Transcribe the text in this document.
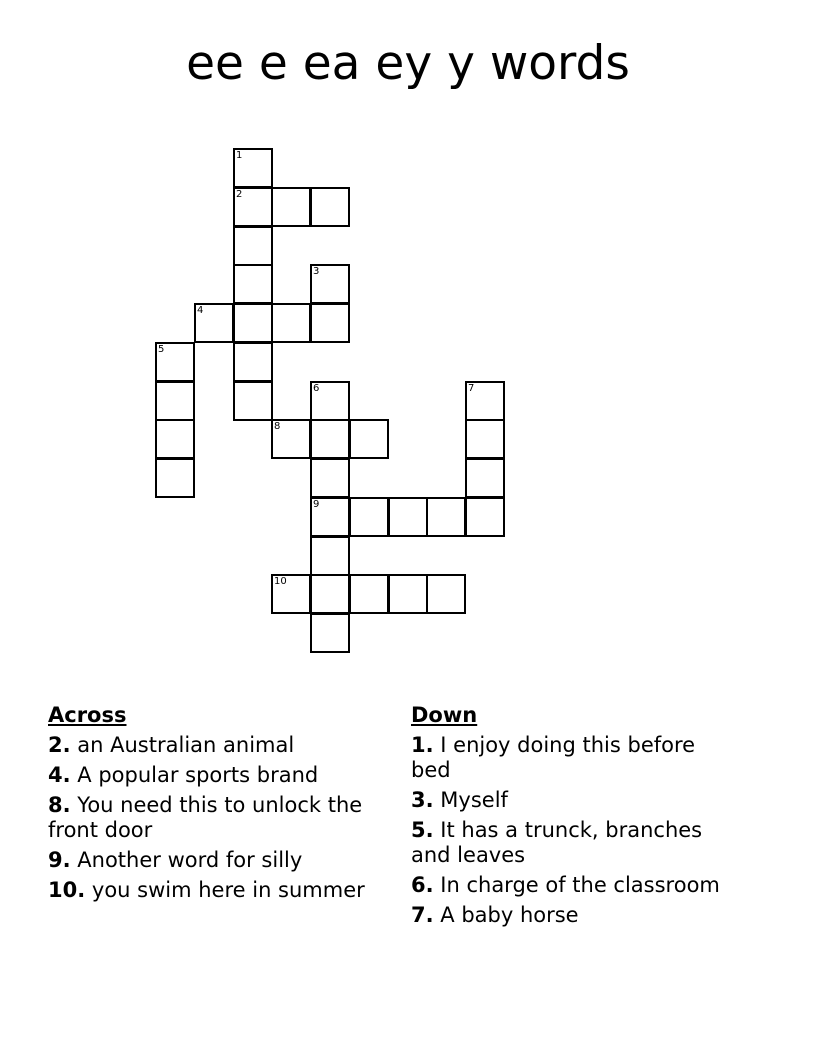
ee e ea ey y words
1
2
3
4
5
6	7
8
9
10
Across
2. an Australian animal
4. A popular sports brand
8. You need this to unlock the front door
9. Another word for silly
10. you swim here in summer
Down
1. I enjoy doing this before bed
3. Myself
5. It has a trunck, branches and leaves
6. In charge of the classroom
7. A baby horse
